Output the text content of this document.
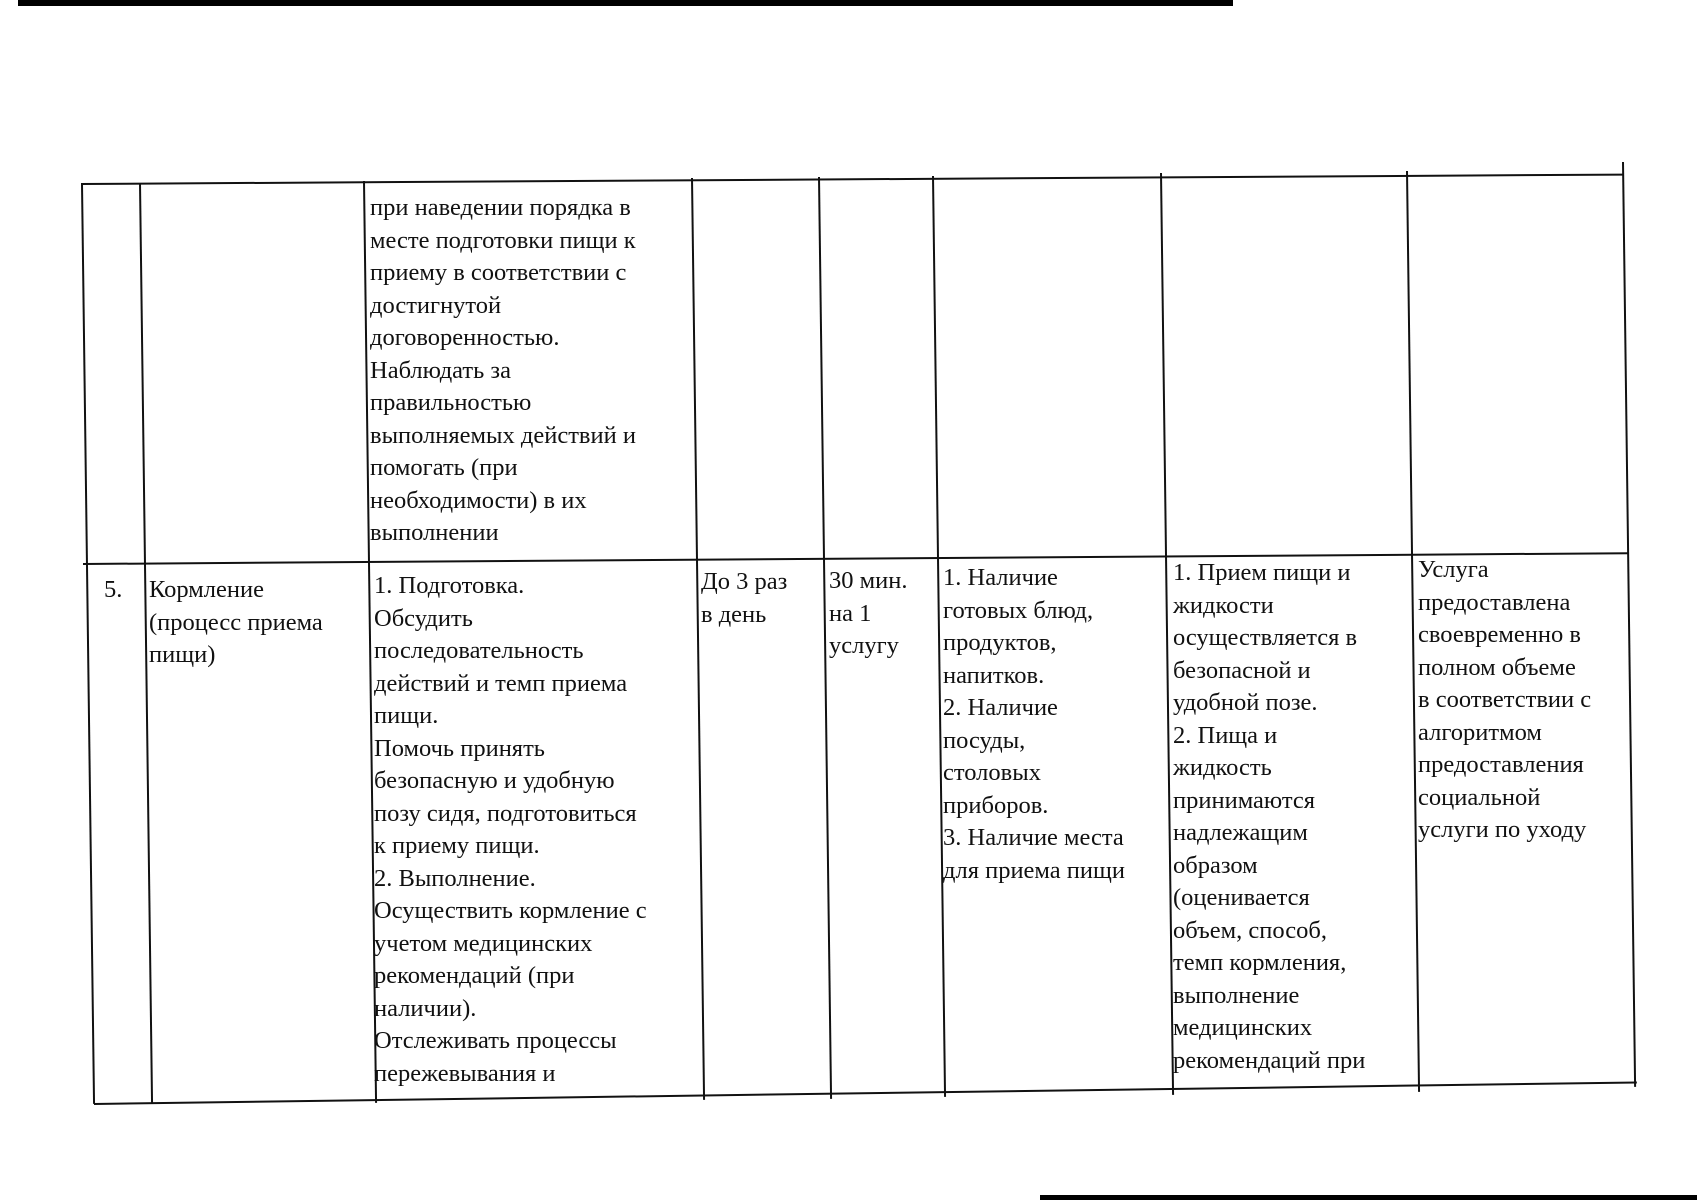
при наведении порядка в
месте подготовки пищи к
приему в соответствии с
достигнутой
договоренностью.
Наблюдать за
правильностью
выполняемых действий и
помогать (при
необходимости) в их
выполнении
5. Кормление
(процесс приема
пищи)
1. Подготовка.
Обсудить
последовательность
действий и темп приема
пищи.
Помочь принять
безопасную и удобную
позу сидя, подготовиться
к приему пищи.
2. Выполнение.
Осуществить кормление с
учетом медицинских
рекомендаций (при
наличии).
Отслеживать процессы
пережевывания и
До 3 раз
в день
30 мин.
на 1
услугу
1. Наличие
готовых блюд,
продуктов,
напитков.
2. Наличие
посуды,
столовых
приборов.
3. Наличие места
для приема пищи
1. Прием пищи и
жидкости
осуществляется в
безопасной и
удобной позе.
2. Пища и
жидкость
принимаются
надлежащим
образом
(оценивается
объем, способ,
темп кормления,
выполнение
медицинских
рекомендаций при
Услуга
предоставлена
своевременно в
полном объеме
в соответствии с
алгоритмом
предоставления
социальной
услуги по уходу
